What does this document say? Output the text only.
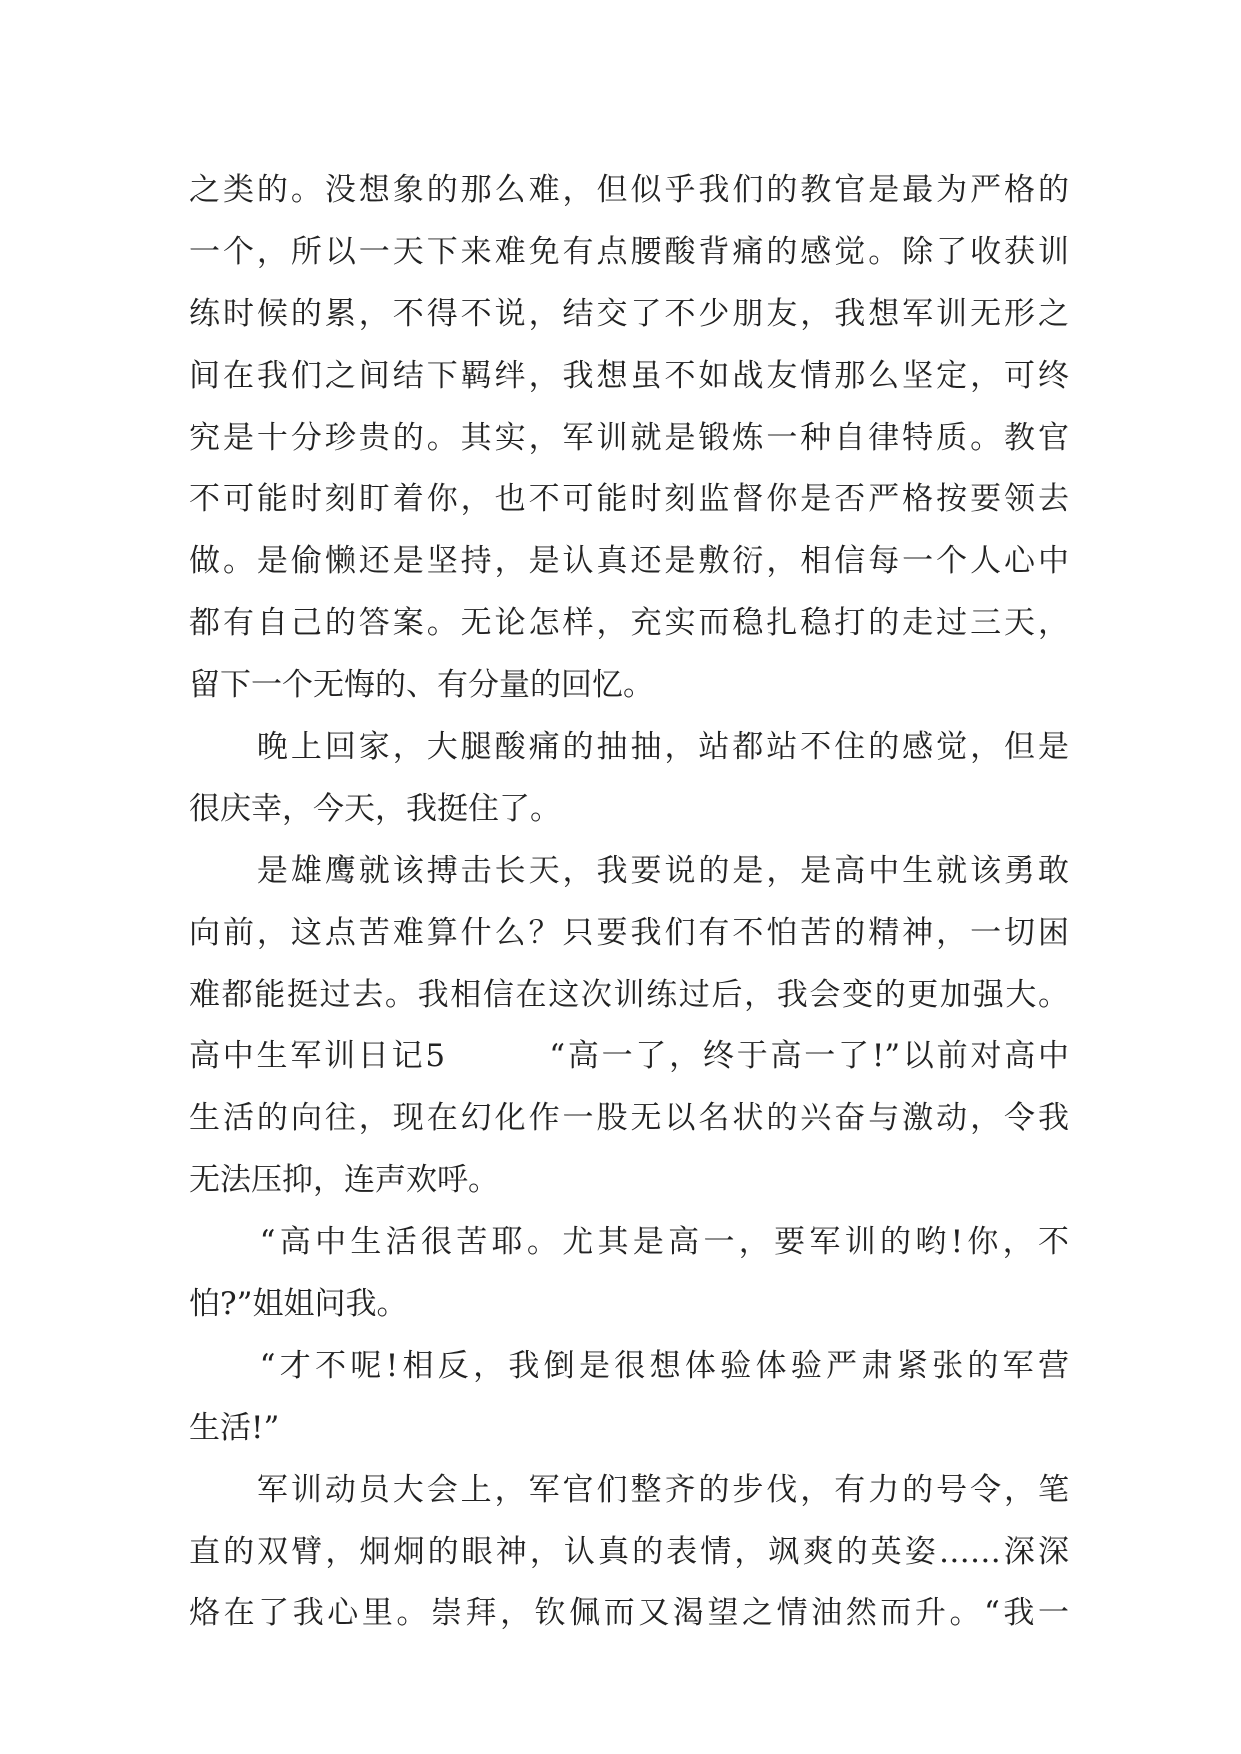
之类的。没想象的那么难，但似乎我们的教官是最为严格的
一个，所以一天下来难免有点腰酸背痛的感觉。除了收获训
练时候的累，不得不说，结交了不少朋友，我想军训无形之
间在我们之间结下羁绊，我想虽不如战友情那么坚定，可终
究是十分珍贵的。其实，军训就是锻炼一种自律特质。教官
不可能时刻盯着你，也不可能时刻监督你是否严格按要领去
做。是偷懒还是坚持，是认真还是敷衍，相信每一个人心中
都有自己的答案。无论怎样，充实而稳扎稳打的走过三天，
留下一个无悔的、有分量的回忆。
　　晚上回家，大腿酸痛的抽抽，站都站不住的感觉，但是
很庆幸，今天，我挺住了。
　　是雄鹰就该搏击长天，我要说的是，是高中生就该勇敢
向前，这点苦难算什么？只要我们有不怕苦的精神，一切困
难都能挺过去。我相信在这次训练过后，我会变的更加强大。
高中生军训日记5　　　“高一了，终于高一了!”以前对高中
生活的向往，现在幻化作一股无以名状的兴奋与激动，令我
无法压抑，连声欢呼。
　　“高中生活很苦耶。尤其是高一，要军训的哟!你，不
怕?”姐姐问我。
　　“才不呢!相反，我倒是很想体验体验严肃紧张的军营
生活!”
　　军训动员大会上，军官们整齐的步伐，有力的号令，笔
直的双臂，炯炯的眼神，认真的表情，飒爽的英姿……深深
烙在了我心里。崇拜，钦佩而又渴望之情油然而升。“我一
